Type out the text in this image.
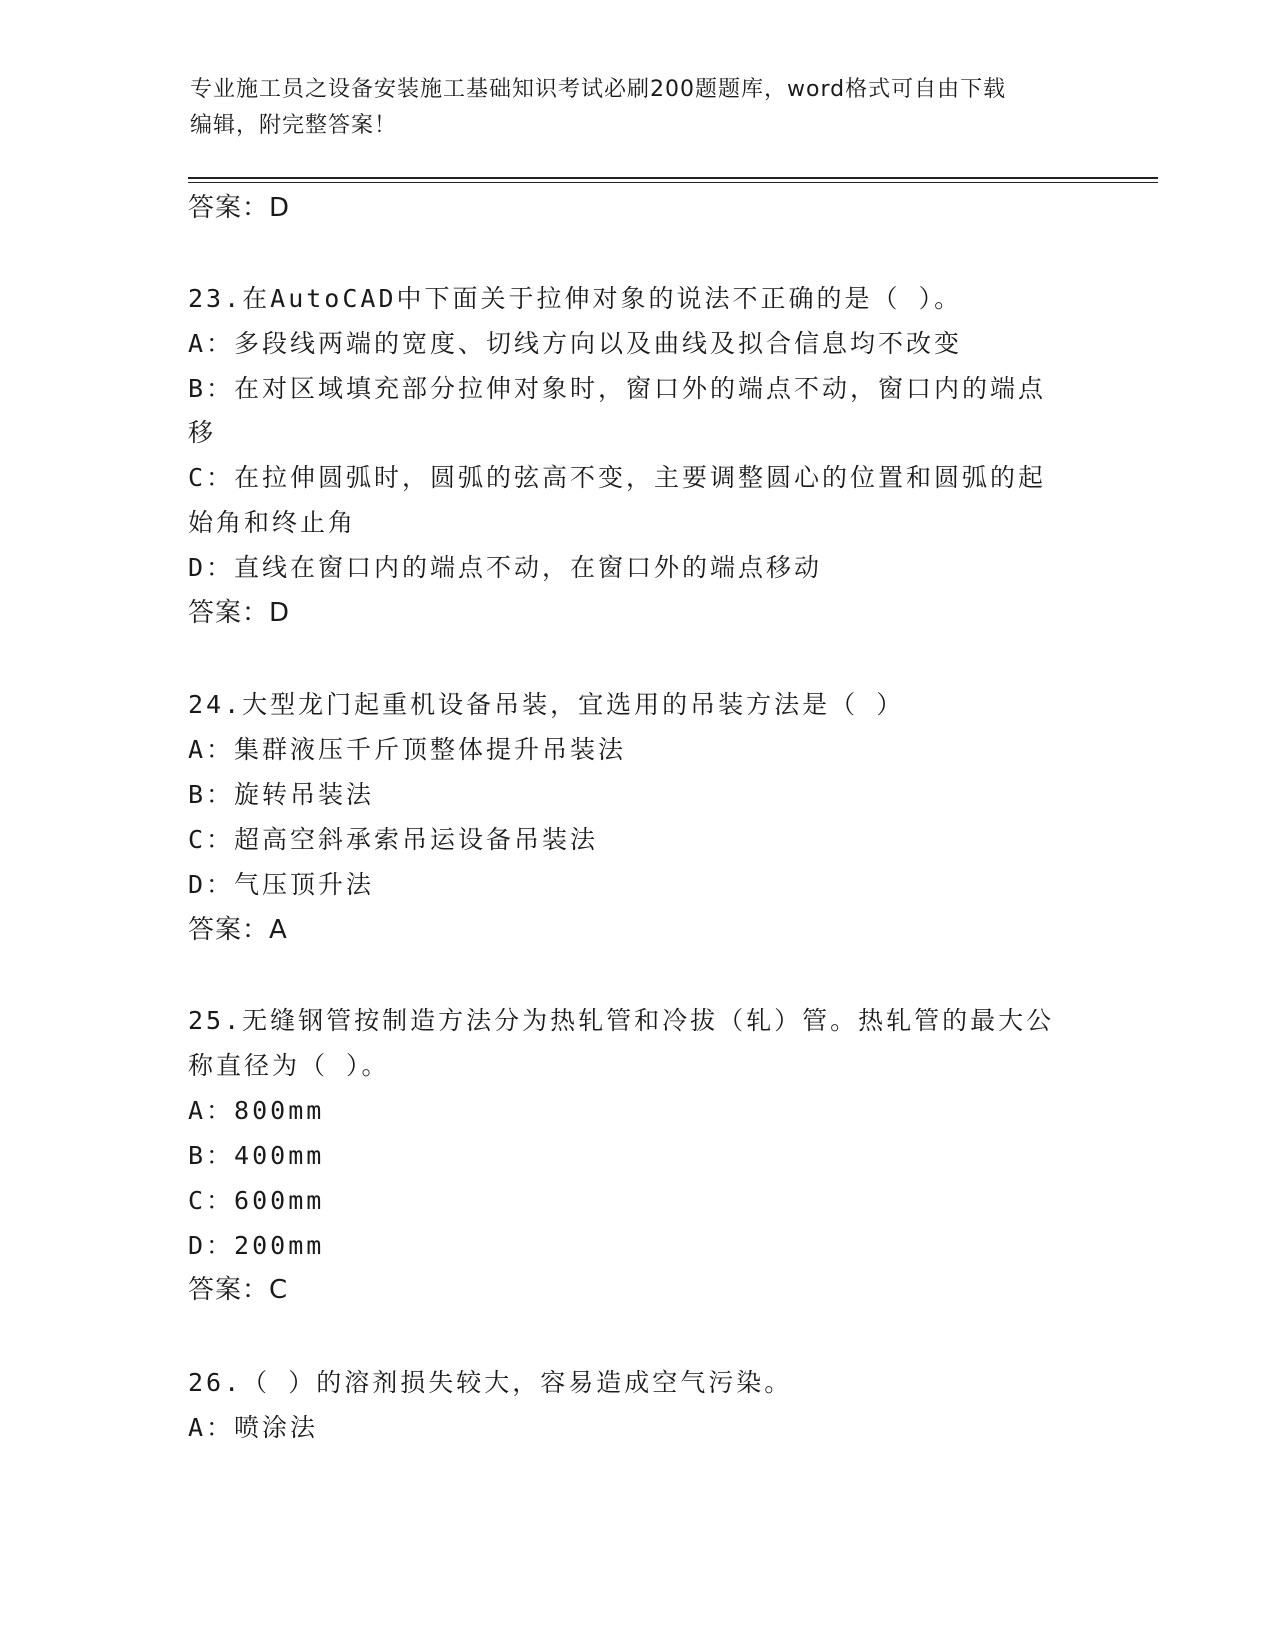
专业施工员之设备安装施工基础知识考试必刷200题题库，word格式可自由下载
编辑，附完整答案！
答案：D
23.在AutoCAD中下面关于拉伸对象的说法不正确的是（ ）。
A：多段线两端的宽度、切线方向以及曲线及拟合信息均不改变
B：在对区域填充部分拉伸对象时，窗口外的端点不动，窗口内的端点
移
C：在拉伸圆弧时，圆弧的弦高不变，主要调整圆心的位置和圆弧的起
始角和终止角
D：直线在窗口内的端点不动，在窗口外的端点移动
答案：D
24.大型龙门起重机设备吊装，宜选用的吊装方法是（ ）
A：集群液压千斤顶整体提升吊装法
B：旋转吊装法
C：超高空斜承索吊运设备吊装法
D：气压顶升法
答案：A
25.无缝钢管按制造方法分为热轧管和冷拔（轧）管。热轧管的最大公
称直径为（ ）。
A：800mm
B：400mm
C：600mm
D：200mm
答案：C
26.（ ）的溶剂损失较大，容易造成空气污染。
A：喷涂法
